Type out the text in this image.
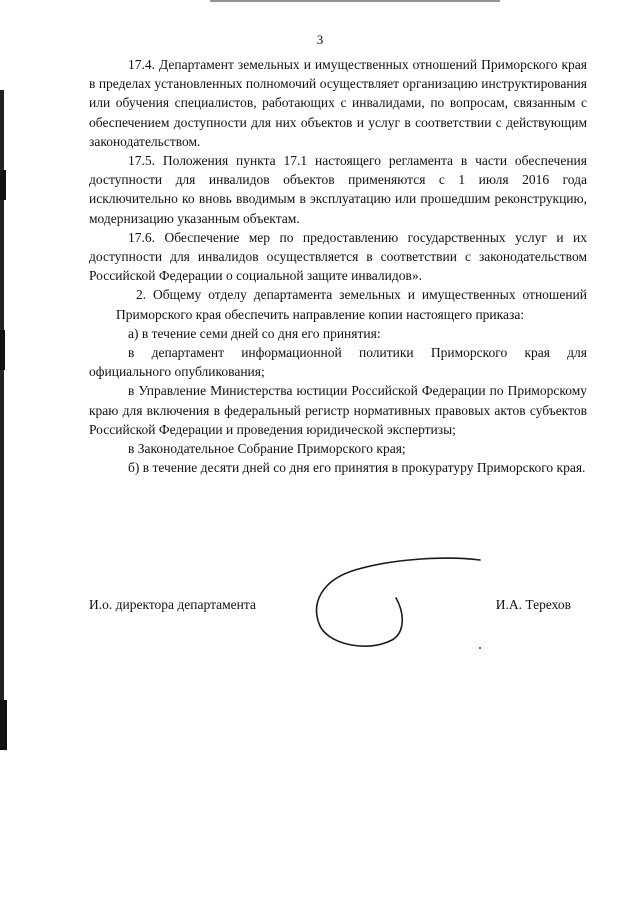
3

17.4. Департамент земельных и имущественных отношений Приморского края в пределах установленных полномочий осуществляет организацию инструктирования или обучения специалистов, работающих с инвалидами, по вопросам, связанным с обеспечением доступности для них объектов и услуг в соответствии с действующим законодательством.

17.5. Положения пункта 17.1 настоящего регламента в части обеспечения доступности для инвалидов объектов применяются с 1 июля 2016 года исключительно ко вновь вводимым в эксплуатацию или прошедшим реконструкцию, модернизацию указанным объектам.

17.6. Обеспечение мер по предоставлению государственных услуг и их доступности для инвалидов осуществляется в соответствии с законодательством Российской Федерации о социальной защите инвалидов».

2. Общему отделу департамента земельных и имущественных отношений Приморского края обеспечить направление копии настоящего приказа:

а) в течение семи дней со дня его принятия:

в департамент информационной политики Приморского края для официального опубликования;

в Управление Министерства юстиции Российской Федерации по Приморскому краю для включения в федеральный регистр нормативных правовых актов субъектов Российской Федерации и проведения юридической экспертизы;

в Законодательное Собрание Приморского края;

б) в течение десяти дней со дня его принятия в прокуратуру Приморского края.

И.о. директора департамента	И.А. Терехов
